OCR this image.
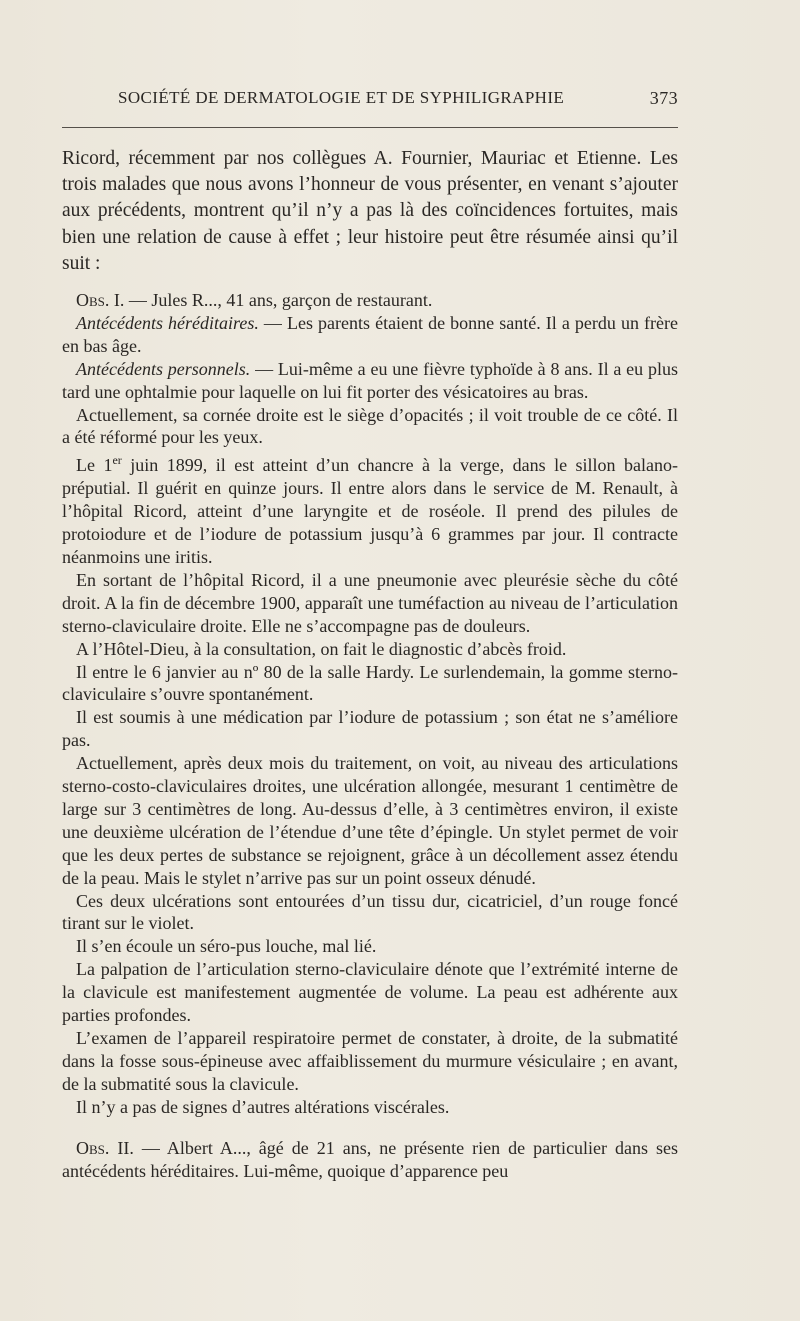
SOCIÉTÉ DE DERMATOLOGIE ET DE SYPHILIGRAPHIE	373

Ricord, récemment par nos collègues A. Fournier, Mauriac et Etienne. Les trois malades que nous avons l’honneur de vous présenter, en venant s’ajouter aux précédents, montrent qu’il n’y a pas là des coïncidences fortuites, mais bien une relation de cause à effet ; leur histoire peut être résumée ainsi qu’il suit :

Obs. I. — Jules R..., 41 ans, garçon de restaurant.

Antécédents héréditaires. — Les parents étaient de bonne santé. Il a perdu un frère en bas âge.

Antécédents personnels. — Lui-même a eu une fièvre typhoïde à 8 ans. Il a eu plus tard une ophtalmie pour laquelle on lui fit porter des vésicatoires au bras.

Actuellement, sa cornée droite est le siège d’opacités ; il voit trouble de ce côté. Il a été réformé pour les yeux.

Le 1er juin 1899, il est atteint d’un chancre à la verge, dans le sillon balano-préputial. Il guérit en quinze jours. Il entre alors dans le service de M. Renault, à l’hôpital Ricord, atteint d’une laryngite et de roséole. Il prend des pilules de protoiodure et de l’iodure de potassium jusqu’à 6 grammes par jour. Il contracte néanmoins une iritis.

En sortant de l’hôpital Ricord, il a une pneumonie avec pleurésie sèche du côté droit. A la fin de décembre 1900, apparaît une tuméfaction au niveau de l’articulation sterno-claviculaire droite. Elle ne s’accompagne pas de douleurs.

A l’Hôtel-Dieu, à la consultation, on fait le diagnostic d’abcès froid.

Il entre le 6 janvier au nº 80 de la salle Hardy. Le surlendemain, la gomme sterno-claviculaire s’ouvre spontanément.

Il est soumis à une médication par l’iodure de potassium ; son état ne s’améliore pas.

Actuellement, après deux mois du traitement, on voit, au niveau des articulations sterno-costo-claviculaires droites, une ulcération allongée, mesurant 1 centimètre de large sur 3 centimètres de long. Au-dessus d’elle, à 3 centimètres environ, il existe une deuxième ulcération de l’étendue d’une tête d’épingle. Un stylet permet de voir que les deux pertes de substance se rejoignent, grâce à un décollement assez étendu de la peau. Mais le stylet n’arrive pas sur un point osseux dénudé.

Ces deux ulcérations sont entourées d’un tissu dur, cicatriciel, d’un rouge foncé tirant sur le violet.

Il s’en écoule un séro-pus louche, mal lié.

La palpation de l’articulation sterno-claviculaire dénote que l’extrémité interne de la clavicule est manifestement augmentée de volume. La peau est adhérente aux parties profondes.

L’examen de l’appareil respiratoire permet de constater, à droite, de la submatité dans la fosse sous-épineuse avec affaiblissement du murmure vésiculaire ; en avant, de la submatité sous la clavicule.

Il n’y a pas de signes d’autres altérations viscérales.

Obs. II. — Albert A..., âgé de 21 ans, ne présente rien de particulier dans ses antécédents héréditaires. Lui-même, quoique d’apparence peu
